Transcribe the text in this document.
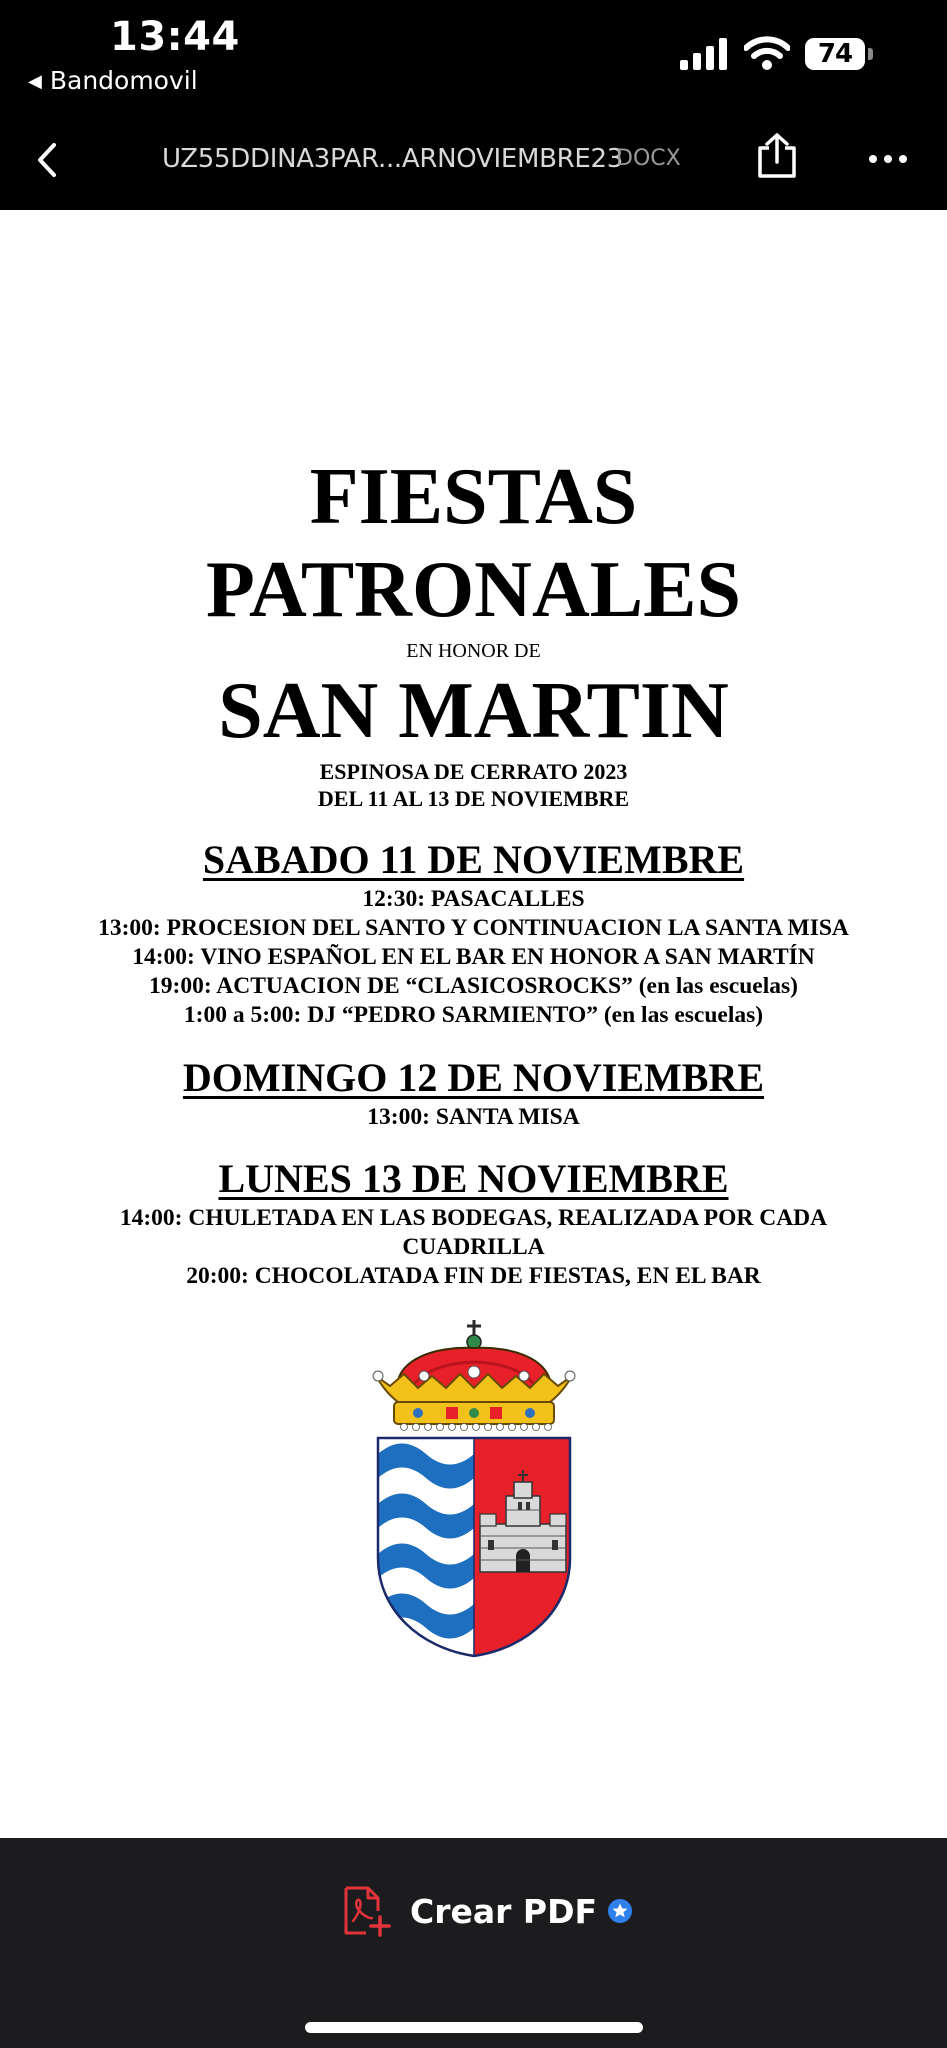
13:44
◀ Bandomovil
74
UZ55DDINA3PAR...ARNOVIEMBRE23
DOCX
FIESTAS
PATRONALES
EN HONOR DE
SAN MARTIN
ESPINOSA DE CERRATO 2023
DEL 11 AL 13 DE NOVIEMBRE
SABADO 11 DE NOVIEMBRE
12:30: PASACALLES
13:00: PROCESION DEL SANTO Y CONTINUACION LA SANTA MISA
14:00: VINO ESPAÑOL EN EL BAR EN HONOR A SAN MARTÍN
19:00: ACTUACION DE “CLASICOSROCKS” (en las escuelas)
1:00 a 5:00: DJ “PEDRO SARMIENTO” (en las escuelas)
DOMINGO 12 DE NOVIEMBRE
13:00: SANTA MISA
LUNES 13 DE NOVIEMBRE
14:00: CHULETADA EN LAS BODEGAS, REALIZADA POR CADA CUADRILLA
20:00: CHOCOLATADA FIN DE FIESTAS, EN EL BAR
Crear PDF
